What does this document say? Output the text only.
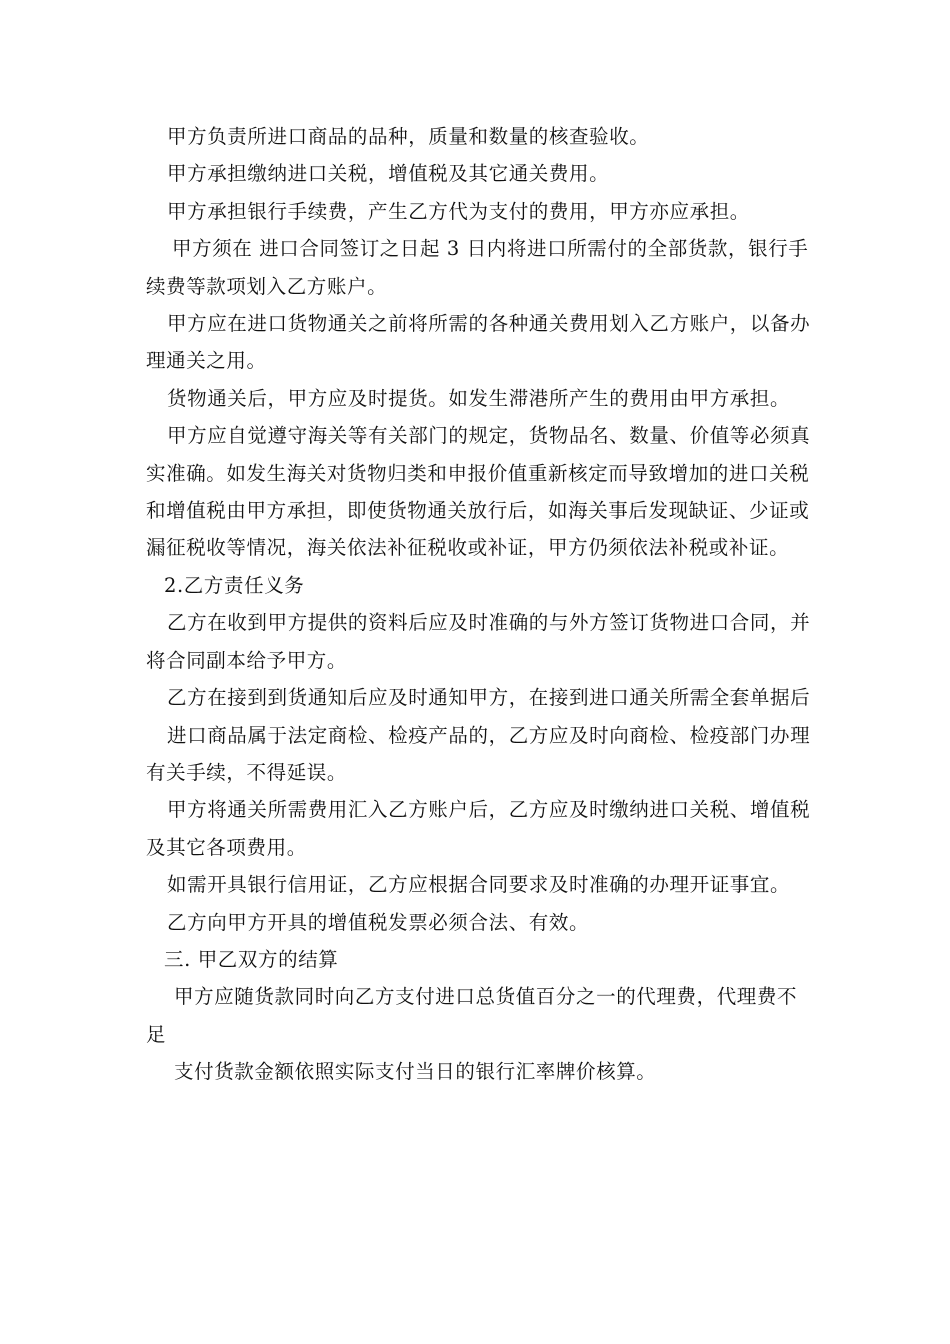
甲方负责所进口商品的品种，质量和数量的核查验收。

甲方承担缴纳进口关税，增值税及其它通关费用。

甲方承担银行手续费，产生乙方代为支付的费用，甲方亦应承担。

甲方须在 进口合同签订之日起 3 日内将进口所需付的全部货款，银行手续费等款项划入乙方账户。

甲方应在进口货物通关之前将所需的各种通关费用划入乙方账户，以备办理通关之用。

货物通关后，甲方应及时提货。如发生滞港所产生的费用由甲方承担。

甲方应自觉遵守海关等有关部门的规定，货物品名、数量、价值等必须真实准确。如发生海关对货物归类和申报价值重新核定而导致增加的进口关税和增值税由甲方承担，即使货物通关放行后，如海关事后发现缺证、少证或漏征税收等情况，海关依法补征税收或补证，甲方仍须依法补税或补证。

2.乙方责任义务

乙方在收到甲方提供的资料后应及时准确的与外方签订货物进口合同，并将合同副本给予甲方。

乙方在接到到货通知后应及时通知甲方，在接到进口通关所需全套单据后

进口商品属于法定商检、检疫产品的，乙方应及时向商检、检疫部门办理有关手续，不得延误。

甲方将通关所需费用汇入乙方账户后，乙方应及时缴纳进口关税、增值税及其它各项费用。

如需开具银行信用证，乙方应根据合同要求及时准确的办理开证事宜。

乙方向甲方开具的增值税发票必须合法、有效。

三. 甲乙双方的结算

甲方应随货款同时向乙方支付进口总货值百分之一的代理费，代理费不足

支付货款金额依照实际支付当日的银行汇率牌价核算。
